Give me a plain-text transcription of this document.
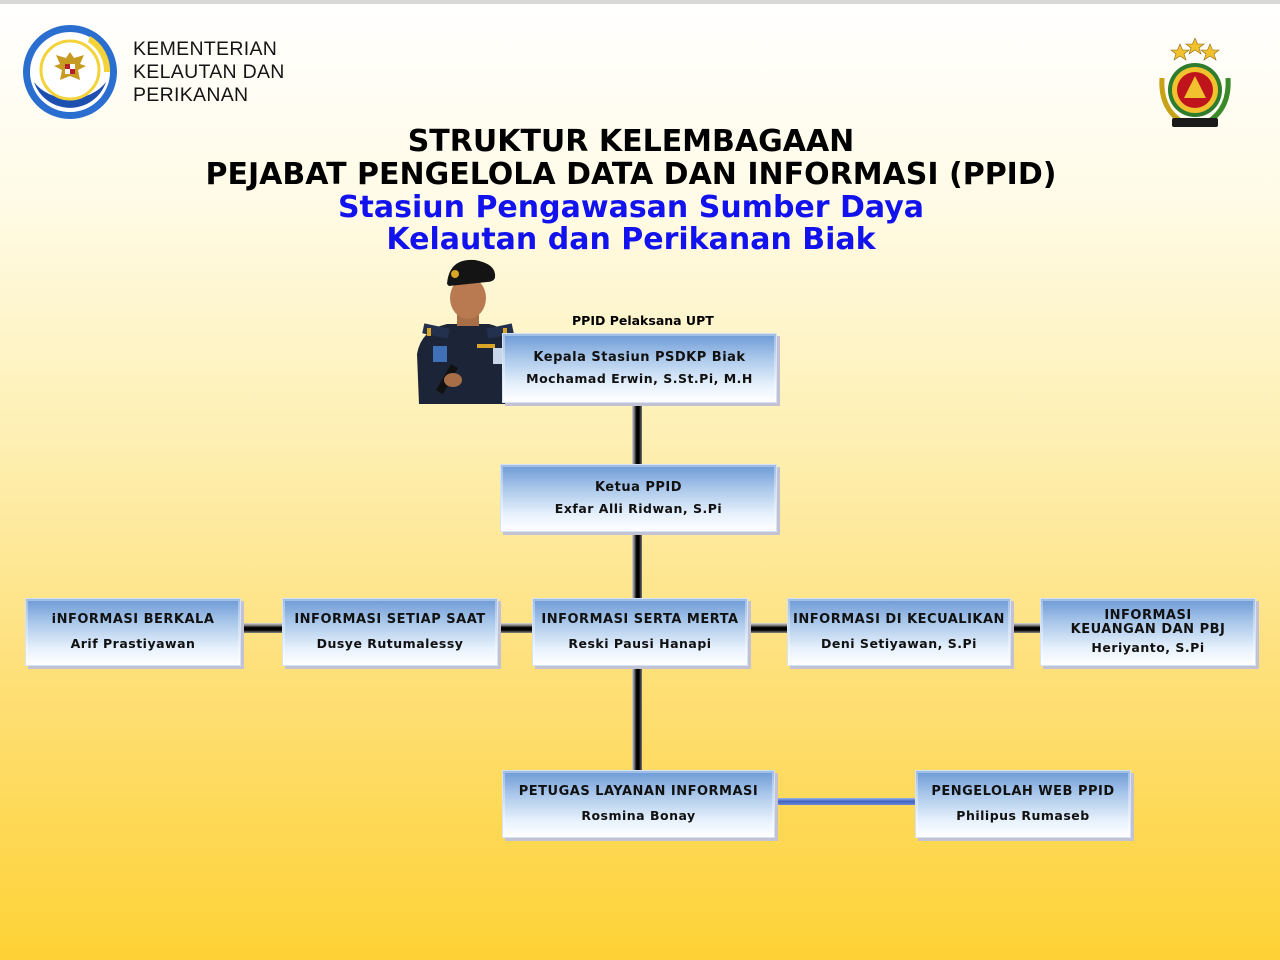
KEMENTERIAN
KELAUTAN DAN
PERIKANAN
STRUKTUR KELEMBAGAAN
PEJABAT PENGELOLA DATA DAN INFORMASI (PPID)
Stasiun Pengawasan Sumber Daya
Kelautan dan Perikanan Biak
PPID Pelaksana UPT
Kepala Stasiun PSDKP Biak
Mochamad Erwin, S.St.Pi, M.H
Ketua PPID
Exfar Alli Ridwan, S.Pi
iNFORMASI BERKALA
Arif Prastiyawan
INFORMASI SETIAP SAAT
Dusye Rutumalessy
INFORMASI SERTA MERTA
Reski Pausi Hanapi
INFORMASI DI KECUALIKAN
Deni Setiyawan, S.Pi
INFORMASI KEUANGAN DAN PBJ
Heriyanto, S.Pi
PETUGAS LAYANAN INFORMASI
Rosmina Bonay
PENGELOLAH WEB PPID
Philipus Rumaseb
